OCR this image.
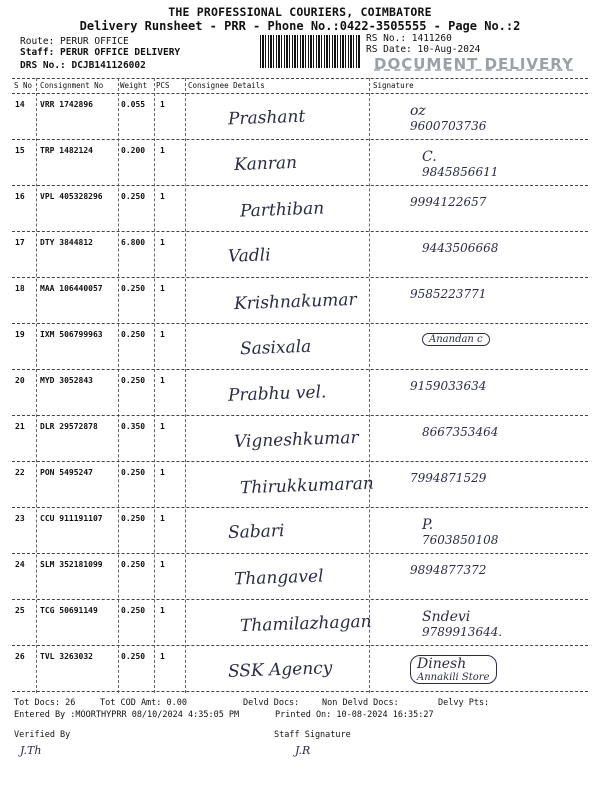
THE PROFESSIONAL COURIERS, COIMBATORE
Delivery Runsheet - PRR - Phone No.:0422-3505555 - Page No.:2
Route: PERUR OFFICE
Staff: PERUR OFFICE DELIVERY
DRS No.: DCJB141126002
RS No.: 1411260
RS Date: 10-Aug-2024
DOCUMENT DELIVERY
S No Consignment No Weight PCS Consignee Details	Signature
14 VRR 1742896	0.055 1
Prashant	oz
9600703736
15 TRP 1482124	0.200 1
Kanran	C.
9845856611
16 VPL 405328296 0.250 1
Parthiban	9994122657
17 DTY 3844812	6.800 1
Vadli	9443506668
18 MAA 106440057 0.250 1
Krishnakumar	9585223771
19 IXM 506799963 0.250 1
Sasixala	Anandan c
20 MYD 3052843	0.250 1
Prabhu vel.	9159033634
21 DLR 29572878	0.350 1
Vigneshkumar	8667353464
22 PON 5495247	0.250 1
Thirukkumaran	7994871529
23 CCU 911191107 0.250 1
Sabari	P.
7603850108
24 SLM 352181099 0.250 1
Thangavel	9894877372
25 TCG 50691149	0.250 1
Thamilazhagan	Sndevi
9789913644.
26 TVL 3263032	0.250 1
SSK Agency	Dinesh
Annakili Store
Tot Docs: 26	Tot COD Amt: 0.00	Delvd Docs:	Non Delvd Docs:	Delvy Pts:
Entered By :MOORTHYPRR 08/10/2024 4:35:05 PM	Printed On: 10-08-2024 16:35:27
Verified By	Staff Signature
J.Th	J.R
